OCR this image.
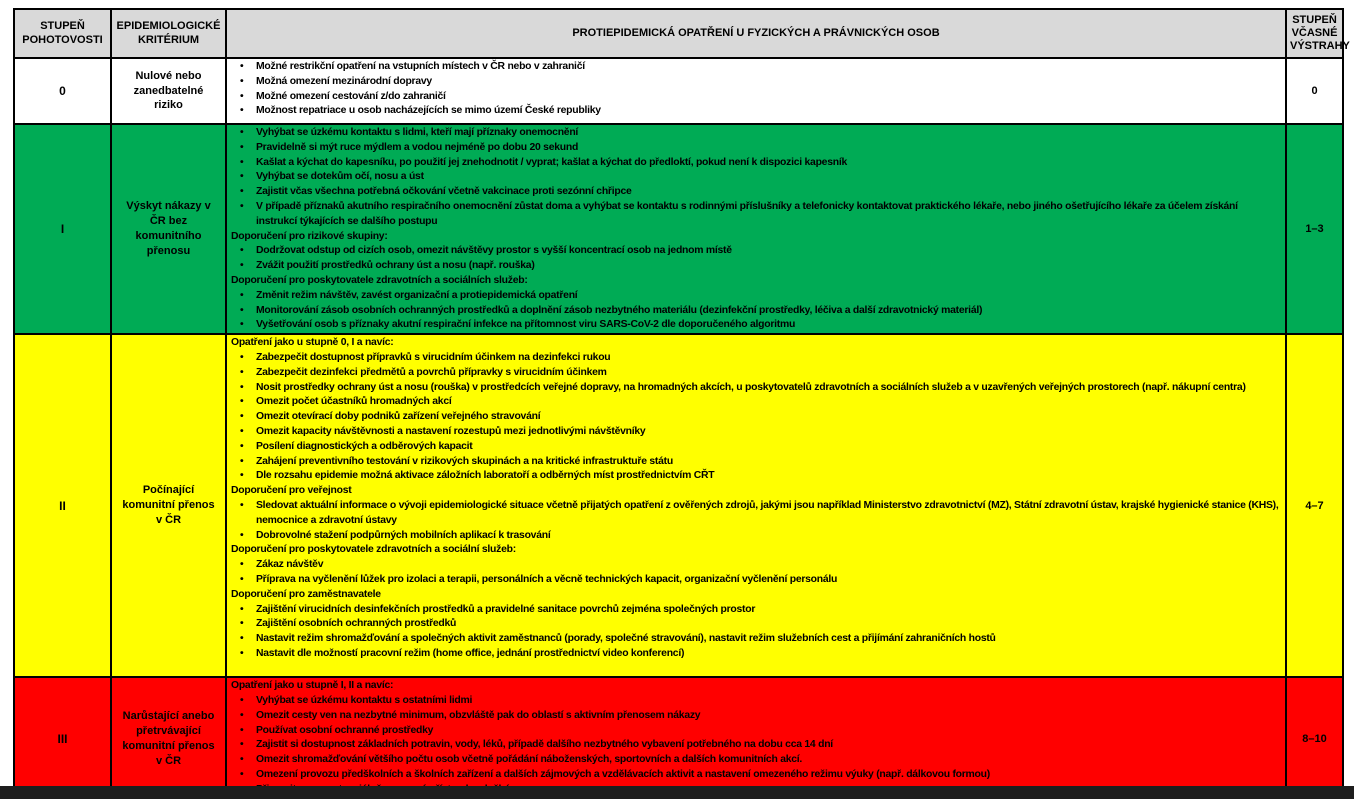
STUPEŇ POHOTOVOSTI	EPIDEMIOLOGICKÉ KRITÉRIUM	PROTIEPIDEMICKÁ OPATŘENÍ U FYZICKÝCH A PRÁVNICKÝCH OSOB	STUPEŇ VČASNÉ VÝSTRAHY
0	Nulové nebo zanedbatelné riziko	
•	Možné restrikční opatření na vstupních místech v ČR nebo v zahraničí
•	Možná omezení mezinárodní dopravy
•	Možné omezení cestování z/do zahraničí
•	Možnost repatriace u osob nacházejících se mimo území České republiky
	0
I	Výskyt nákazy v ČR bez komunitního přenosu	
•	Vyhýbat se úzkému kontaktu s lidmi, kteří mají příznaky onemocnění
•	Pravidelně si mýt ruce mýdlem a vodou nejméně po dobu 20 sekund
•	Kašlat a kýchat do kapesníku, po použití jej znehodnotit / vyprat; kašlat a kýchat do předloktí, pokud není k dispozici kapesník
•	Vyhýbat se dotekům očí, nosu a úst
•	Zajistit včas všechna potřebná očkování včetně vakcinace proti sezónní chřipce
•	V případě příznaků akutního respiračního onemocnění zůstat doma a vyhýbat se kontaktu s rodinnými příslušníky a telefonicky kontaktovat praktického lékaře, nebo jiného ošetřujícího lékaře za účelem získání instrukcí týkajících se dalšího postupu
Doporučení pro rizikové skupiny:
•	Dodržovat odstup od cizích osob, omezit návštěvy prostor s vyšší koncentrací osob na jednom místě
•	Zvážit použití prostředků ochrany úst a nosu (např. rouška)
Doporučení pro poskytovatele zdravotních a sociálních služeb:
•	Změnit režim návštěv, zavést organizační a protiepidemická opatření
•	Monitorování zásob osobních ochranných prostředků a doplnění zásob nezbytného materiálu (dezinfekční prostředky, léčiva a další zdravotnický materiál)
•	Vyšetřování osob s příznaky akutní respirační infekce na přítomnost viru SARS-CoV-2 dle doporučeného algoritmu
	1–3
II	Počínající komunitní přenos v ČR	
Opatření jako u stupně 0, I a navíc:
•	Zabezpečit dostupnost přípravků s virucidním účinkem na dezinfekci rukou
•	Zabezpečit dezinfekci předmětů a povrchů přípravky s virucidním účinkem
•	Nosit prostředky ochrany úst a nosu (rouška) v prostředcích veřejné dopravy, na hromadných akcích, u poskytovatelů zdravotních a sociálních služeb a v uzavřených veřejných prostorech (např. nákupní centra)
•	Omezit počet účastníků hromadných akcí
•	Omezit otevírací doby podniků zařízení veřejného stravování
•	Omezit kapacity návštěvnosti a nastavení rozestupů mezi jednotlivými návštěvníky
•	Posílení diagnostických a odběrových kapacit
•	Zahájení preventivního testování v rizikových skupinách a na kritické infrastruktuře státu
•	Dle rozsahu epidemie možná aktivace záložních laboratoří a odběrných míst prostřednictvím CŘT
Doporučení pro veřejnost
•	Sledovat aktuální informace o vývoji epidemiologické situace včetně přijatých opatření z ověřených zdrojů, jakými jsou například Ministerstvo zdravotnictví (MZ), Státní zdravotní ústav, krajské hygienické stanice (KHS), nemocnice a zdravotní ústavy
•	Dobrovolné stažení podpůrných mobilních aplikací k trasování
Doporučení pro poskytovatele zdravotních a sociální služeb:
•	Zákaz návštěv
•	Příprava na vyčlenění lůžek pro izolaci a terapii, personálních a věcně technických kapacit, organizační vyčlenění personálu
Doporučení pro zaměstnavatele
•	Zajištění virucidních desinfekčních prostředků a pravidelné sanitace povrchů zejména společných prostor
•	Zajištění osobních ochranných prostředků
•	Nastavit režim shromažďování a společných aktivit zaměstnanců (porady, společné stravování), nastavit režim služebních cest a přijímání zahraničních hostů
•	Nastavit dle možností pracovní režim (home office, jednání prostřednictví video konferencí)
	4–7
III	Narůstající anebo přetrvávající komunitní přenos v ČR	
Opatření jako u stupně I, II a navíc:
•	Vyhýbat se úzkému kontaktu s ostatními lidmi
•	Omezit cesty ven na nezbytné minimum, obzvláště pak do oblastí s aktivním přenosem nákazy
•	Používat osobní ochranné prostředky
•	Zajistit si dostupnost základních potravin, vody, léků, případě dalšího nezbytného vybavení potřebného na dobu cca 14 dní
•	Omezit shromažďování většího počtu osob včetně pořádání náboženských, sportovních a dalších komunitních akcí.
•	Omezení provozu předškolních a školních zařízení a dalších zájmových a vzdělávacích aktivit a nastavení omezeného režimu výuky (např. dálkovou formou)
	8–10
